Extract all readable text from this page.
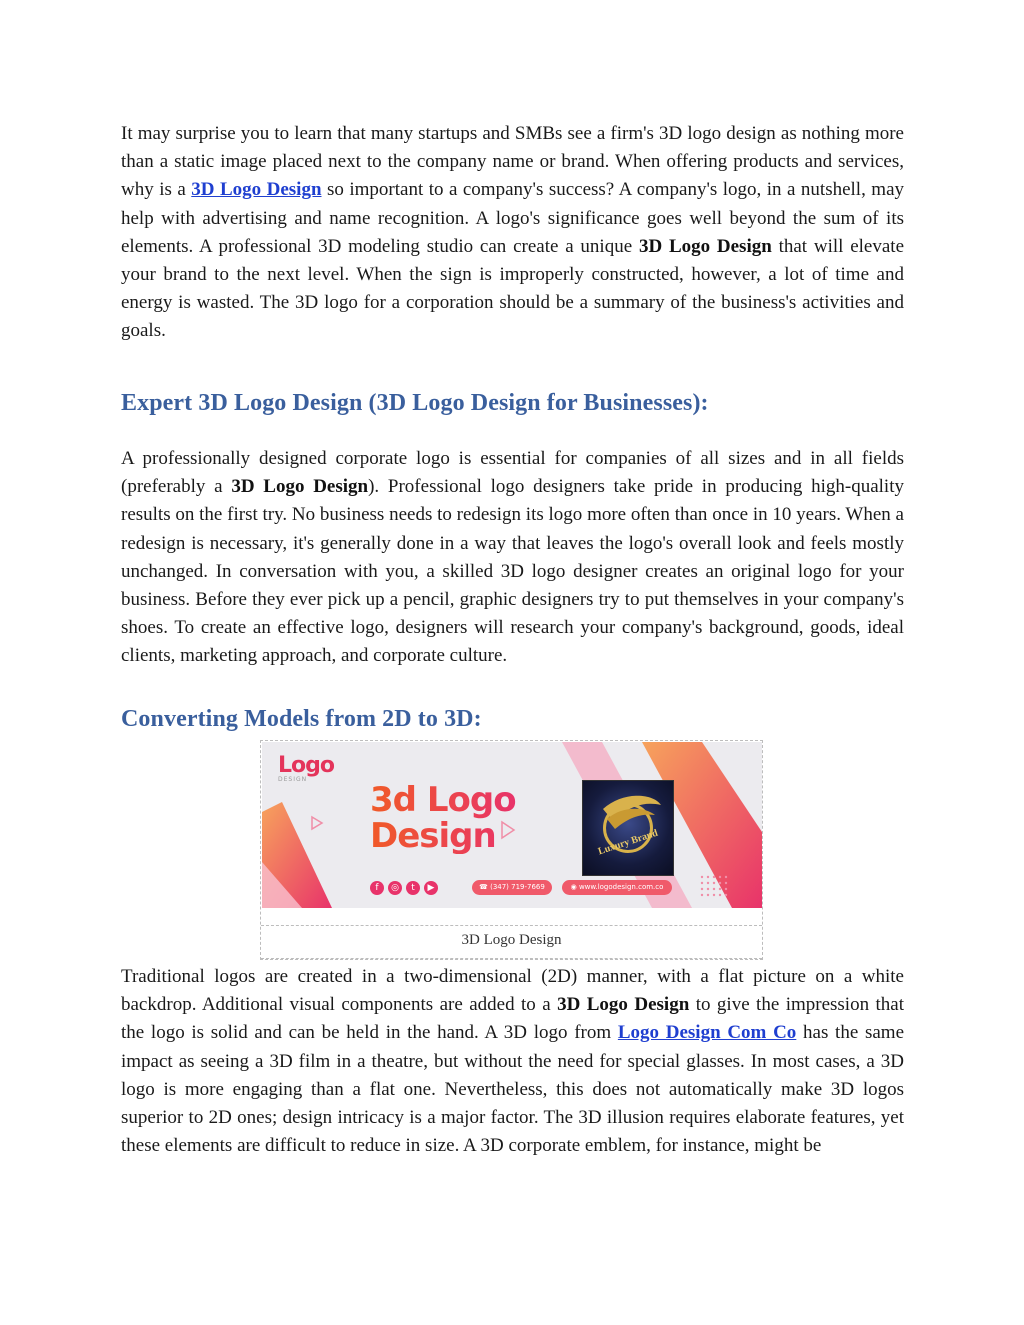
It may surprise you to learn that many startups and SMBs see a firm's 3D logo design as nothing more than a static image placed next to the company name or brand. When offering products and services, why is a 3D Logo Design so important to a company's success? A company's logo, in a nutshell, may help with advertising and name recognition. A logo's significance goes well beyond the sum of its elements. A professional 3D modeling studio can create a unique 3D Logo Design that will elevate your brand to the next level. When the sign is improperly constructed, however, a lot of time and energy is wasted. The 3D logo for a corporation should be a summary of the business's activities and goals.

Expert 3D Logo Design (3D Logo Design for Businesses):

A professionally designed corporate logo is essential for companies of all sizes and in all fields (preferably a 3D Logo Design). Professional logo designers take pride in producing high-quality results on the first try. No business needs to redesign its logo more often than once in 10 years. When a redesign is necessary, it's generally done in a way that leaves the logo's overall look and feels mostly unchanged. In conversation with you, a skilled 3D logo designer creates an original logo for your business. Before they ever pick up a pencil, graphic designers try to put themselves in your company's shoes. To create an effective logo, designers will research your company's background, goods, ideal clients, marketing approach, and corporate culture.

Converting Models from 2D to 3D:
Logo
DESIGN
3d Logo
Design
f	◎	t	▶	☎ (347) 719-7669	◉ www.logodesign.com.co
Luxury Brand
3D Logo Design

Traditional logos are created in a two-dimensional (2D) manner, with a flat picture on a white backdrop. Additional visual components are added to a 3D Logo Design to give the impression that the logo is solid and can be held in the hand. A 3D logo from Logo Design Com Co has the same impact as seeing a 3D film in a theatre, but without the need for special glasses. In most cases, a 3D logo is more engaging than a flat one. Nevertheless, this does not automatically make 3D logos superior to 2D ones; design intricacy is a major factor. The 3D illusion requires elaborate features, yet these elements are difficult to reduce in size. A 3D corporate emblem, for instance, might be
